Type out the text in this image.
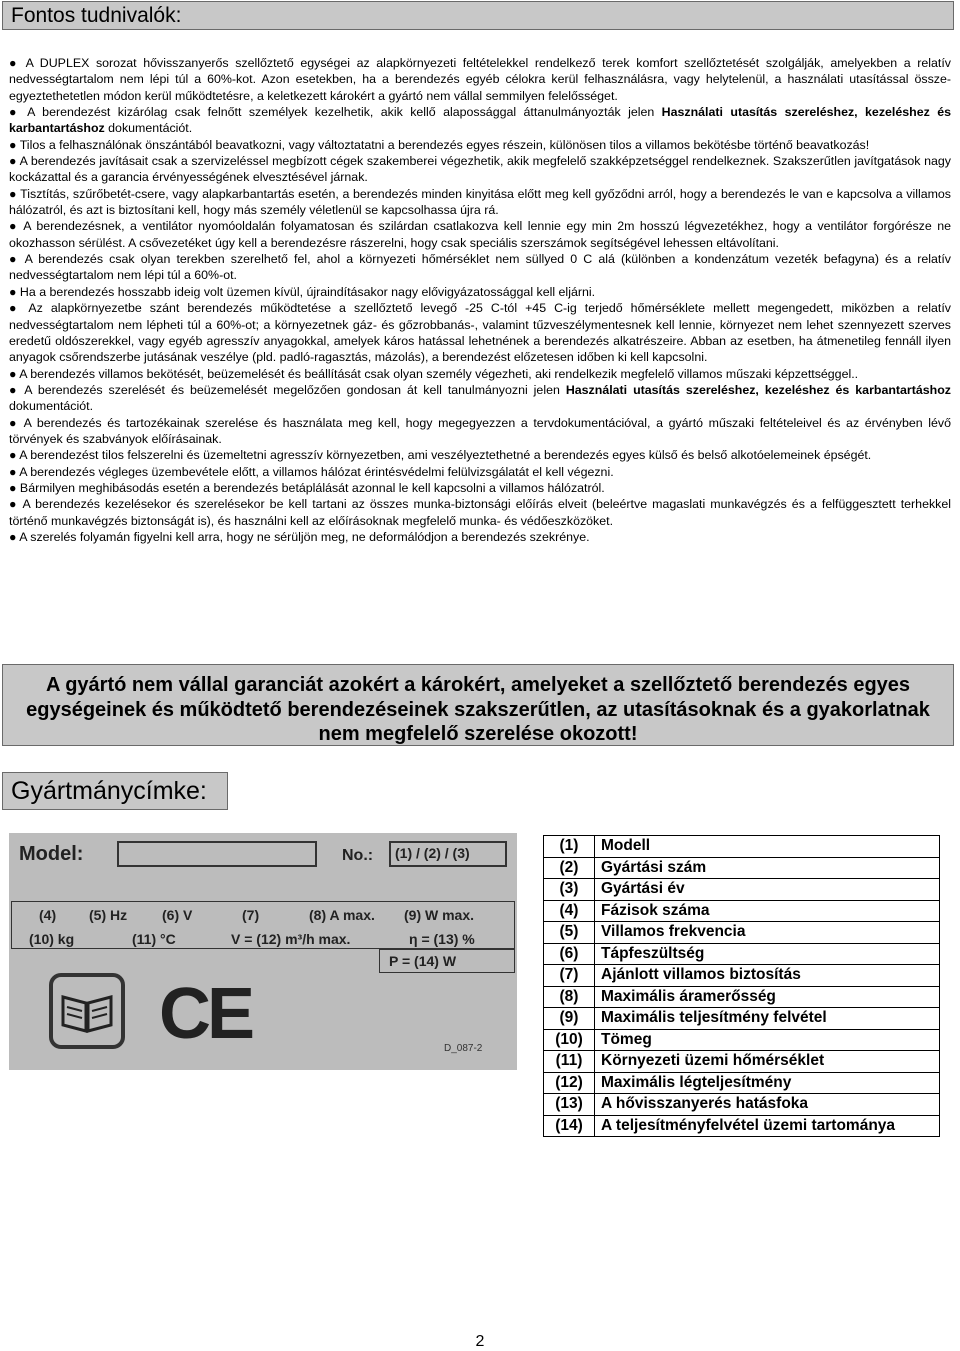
Fontos tudnivalók:

● A DUPLEX sorozat hővisszanyerős szellőztető egységei az alapkörnyezeti feltételekkel rendelkező terek komfort szellőztetését szolgálják, amelyekben a relatív nedvességtartalom nem lépi túl a 60%-kot. Azon esetekben, ha a berendezés egyéb célokra kerül felhasználásra, vagy helytelenül, a használati utasítással össze-egyeztethetetlen módon kerül működtetésre, a keletkezett károkért a gyártó nem vállal semmilyen felelősséget.

● A berendezést kizárólag csak felnőtt személyek kezelhetik, akik kellő alapossággal áttanulmányozták jelen Használati utasítás szereléshez, kezeléshez és karbantartáshoz dokumentációt.

● Tilos a felhasználónak önszántából beavatkozni, vagy változtatatni a berendezés egyes részein, különösen tilos a villamos bekötésbe történő beavatkozás!

● A berendezés javításait csak a szervizeléssel megbízott cégek szakemberei végezhetik, akik megfelelő szakképzetséggel rendelkeznek. Szakszerűtlen javítgatások nagy kockázattal és a garancia érvényességének elvesztésével járnak.

● Tisztítás, szűrőbetét-csere, vagy alapkarbantartás esetén, a berendezés minden kinyitása előtt meg kell győződni arról, hogy a berendezés le van e kapcsolva a villamos hálózatról, és azt is biztosítani kell, hogy más személy véletlenül se kapcsolhassa újra rá.

● A berendezésnek, a ventilátor nyomóoldalán folyamatosan és szilárdan csatlakozva kell lennie egy min 2m hosszú légvezetékhez, hogy a ventilátor forgórésze ne okozhasson sérülést. A csővezetéket úgy kell a berendezésre rászerelni, hogy csak speciális szerszámok segítségével lehessen eltávolítani.

● A berendezés csak olyan terekben szerelhető fel, ahol a környezeti hőmérséklet nem süllyed 0 C alá (különben a kondenzátum vezeték befagyna) és a relatív nedvességtartalom nem lépi túl a 60%-ot.

● Ha a berendezés hosszabb ideig volt üzemen kívül, újraindításakor nagy elővigyázatossággal kell eljárni.

● Az alapkörnyezetbe szánt berendezés működtetése a szellőztető levegő -25 C-tól +45 C-ig terjedő hőmérséklete mellett megengedett, miközben a relatív nedvességtartalom nem lépheti túl a 60%-ot; a környezetnek gáz- és gőzrobbanás-, valamint tűzveszélymentesnek kell lennie, környezet nem lehet szennyezett szerves eredetű oldószerekkel, vagy egyéb agresszív anyagokkal, amelyek káros hatással lehetnének a berendezés alkatrészeire. Abban az esetben, ha átmenetileg fennáll ilyen anyagok csőrendszerbe jutásának veszélye (pld. padló-ragasztás, mázolás), a berendezést előzetesen időben ki kell kapcsolni.

● A berendezés villamos bekötését, beüzemelését és beállítását csak olyan személy végezheti, aki rendelkezik megfelelő villamos műszaki képzettséggel..

● A berendezés szerelését és beüzemelését megelőzően gondosan át kell tanulmányozni jelen Használati utasítás szereléshez, kezeléshez és karbantartáshoz dokumentációt.

● A berendezés és tartozékainak szerelése és használata meg kell, hogy megegyezzen a tervdokumentációval, a gyártó műszaki feltételeivel és az érvényben lévő törvények és szabványok előírásainak.

● A berendezést tilos felszerelni és üzemeltetni agresszív környezetben, ami veszélyeztethetné a berendezés egyes külső és belső alkotóelemeinek épségét.

● A berendezés végleges üzembevétele előtt, a villamos hálózat érintésvédelmi felülvizsgálatát el kell végezni.

● Bármilyen meghibásodás esetén a berendezés betáplálását azonnal le kell kapcsolni a villamos hálózatról.

● A berendezés kezelésekor és szerelésekor be kell tartani az összes munka-biztonsági előírás elveit (beleértve magaslati munkavégzés és a felfüggesztett terhekkel történő munkavégzés biztonságát is), és használni kell az előírásoknak megfelelő munka- és védőeszközöket.

● A szerelés folyamán figyelni kell arra, hogy ne sérüljön meg, ne deformálódjon a berendezés szekrénye.

A gyártó nem vállal garanciát azokért a károkért, amelyeket a szellőztető berendezés egyes egységeinek és működtető berendezéseinek szakszerűtlen, az utasításoknak és a gyakorlatnak nem megfelelő szerelése okozott!
Gyártmánycímke:
Model:	No.: (1) / (2) / (3)
(4) (5) Hz (6) V	(7)	(8) A max. (9) W max.
(10) kg	(11) °C	V = (12) m³/h max.	η = (13) %
P = (14) W
CE	D_087-2
(1)	Modell
(2)	Gyártási szám
(3)	Gyártási év
(4)	Fázisok száma
(5)	Villamos frekvencia
(6)	Tápfeszültség
(7)	Ajánlott villamos biztosítás
(8)	Maximális áramerősség
(9)	Maximális teljesítmény felvétel
(10)	Tömeg
(11)	Környezeti üzemi hőmérséklet
(12)	Maximális légteljesítmény
(13)	A hővisszanyerés hatásfoka
(14)	A teljesítményfelvétel üzemi tartománya
2
